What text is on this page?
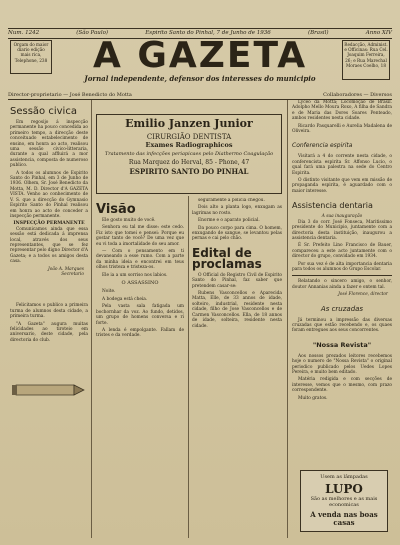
Num. 1242	(São Paulo)	Espirito Santo do Pinhal, 7 de Junho de 1936	(Brasil)	Anno XIV
Orgam do maior diario edição mais rica, Telephone, 238
Redacção, Administ. e Officinas: Rua Cel. Joaquim Ferreira, 26; e Rua Marechal Moraes Coelho, 18
A GAZETA
Jornal independente, defensor dos interesses do municipio
Director-proprietario — José Benedicto do Motta	Collaboradores — Diversos
Sessão civica

Em regosijo á inspecção permanente ha pouco concedida ao primeiro tempo, a direcção deste conceituado estabelecimento de ensino, em honra ao acto, realisou uma sessão civico-litteraria, durante a qual affluirá a mor assistencia, composta de numeroso publico.

A todos os alumnos de Espirito Santo do Pinhal, em 3 de Junho de 1936. Olhem, Sr. José Benedicto da Motta, M. D. Director d'A GAZETA VISTA. Venho ao conhecimento de V. S. que a direcção do Gymnasio Espirito Santo do Pinhal realisou em honra ao acto de conceder a inspecção permanente.

INSPECÇÃO PERMANENTE

Comunicamos ainda que essa sessão está dedicada á imprensa local, através dos seus representantes, que se fez representar pelo digno Director d'A Gazeta; e a todos os amigos desta casa.

João A. Marques
Secretario

Felicitamos o publico a primeira turma de alumnos desta cidade, a primeira turma.

"A Gazeta" augura muitas felicidades ao tiroteio em aniversario, deste cidade, pela directoria do club.

Emilio Janzen Junior
CIRURGIÃO DENTISTA
Exames Radiographicos
Tratamento das infecções periapicaes pelo Diathermo Coagulação
Rua Marquez do Herval, 85 - Phone, 47
ESPIRITO SANTO DO PINHAL
Visão

Ele gosto muito de você.

Senhora eu tal me disse: este cedo. Fiz isto que tomei e pensei: Porque eu gostar tanto de você? De uma vez que eu vi toda a imortalidade do seu amor.

— Com o pensamento em ti devaneando a esse rumo. Com a parte da minha ideia e encontrei em teus olhos tristeza e tristeza-os.

Ele ia a um sorriso nos labios.

O ASSASSINO

Noite.

A bodega está cheia.

Pela vasta sala fatigada um bochornhar da voz. Ao fundo, detidos, um grupo de homens conversa e ri forte.

A lenda é empolgante. Fallam de tristes e da verdade.

seguramente a policia chegou.

Dois alto a planta logo, enxugam as lagrimas no rosto.

Enorme e o aparato policial.

Da pouco corpo para cima. O homem, enxugando de sangue, se levantou pelas pernas e cai pelo chão.

Edital de proclamas

O Official do Registro Civil de Espirito Santo do Pinhal, faz saber que pretendem casar-se:

Rubens Vasconcellos e Aparecida Matta, Elle, de 33 annos de idade, solteiro, industrial, residente nesta cidade, filho de Jose Vasconcellos e de Carmen Vasconcellos. Ella, de 18 annos de idade, solteira, residente nesta cidade.

Lycéo da Motta; Locomoção de Brasil. Adolpho Mello Moura Roxo, A filha de Sandra e de Maria das Dores Soares Penteado, ambos residentes nesta cidade.

Ricardo Pasquarelli e Aurelia Madalena de Oliveira.

Conferencia espirita

Visitará a 4 do corrente nesta cidade, o conferencista espirita Sr. Affonso Lucio, o qual fará uma palestra na sede do Centro Espirita.

O distinto visitante que vem em missão de propaganda espirita, é aguardado com o maior interesse.

Assistencia dentaria
A sua inauguração

Dia 3 do corr. José Fonseca, Maritissimo presidente do Municipio, juntamente com a directoria desta instituição, inaugurou a assistencia dentaria.

É Sr. Prefeito Lino Francisco de Bauer, compareceu a este acto juntamente com o director do grupo, convidado em 1934.

Por sua vez é de alta importancia dentaria para todos os alumnos do Grupo Escolar.

Relatando o sincero amigo, o senhor, doutor Annanias ainda a fazer e ontem tal.

José Florence, director
As cruzadas

Já terminou a impressão das diversas cruzadas que estão recebendo e, os quaes foram entregues aos seus concorrentes.

"Nossa Revista"

Aos nossos prezados leitores recebemos hoje o numero de "Nossa Revista" o original periodico publicado pelos Uedes Lopes Pereira, e muito bem editado.

Matéria redigida e com secções de interesse, vemos que o mesmo, com prazo correspondente.

Muito gratos.

Usem as lâmpadas
LUPO
São as melhores e as mais economicas
A venda nas boas casas
